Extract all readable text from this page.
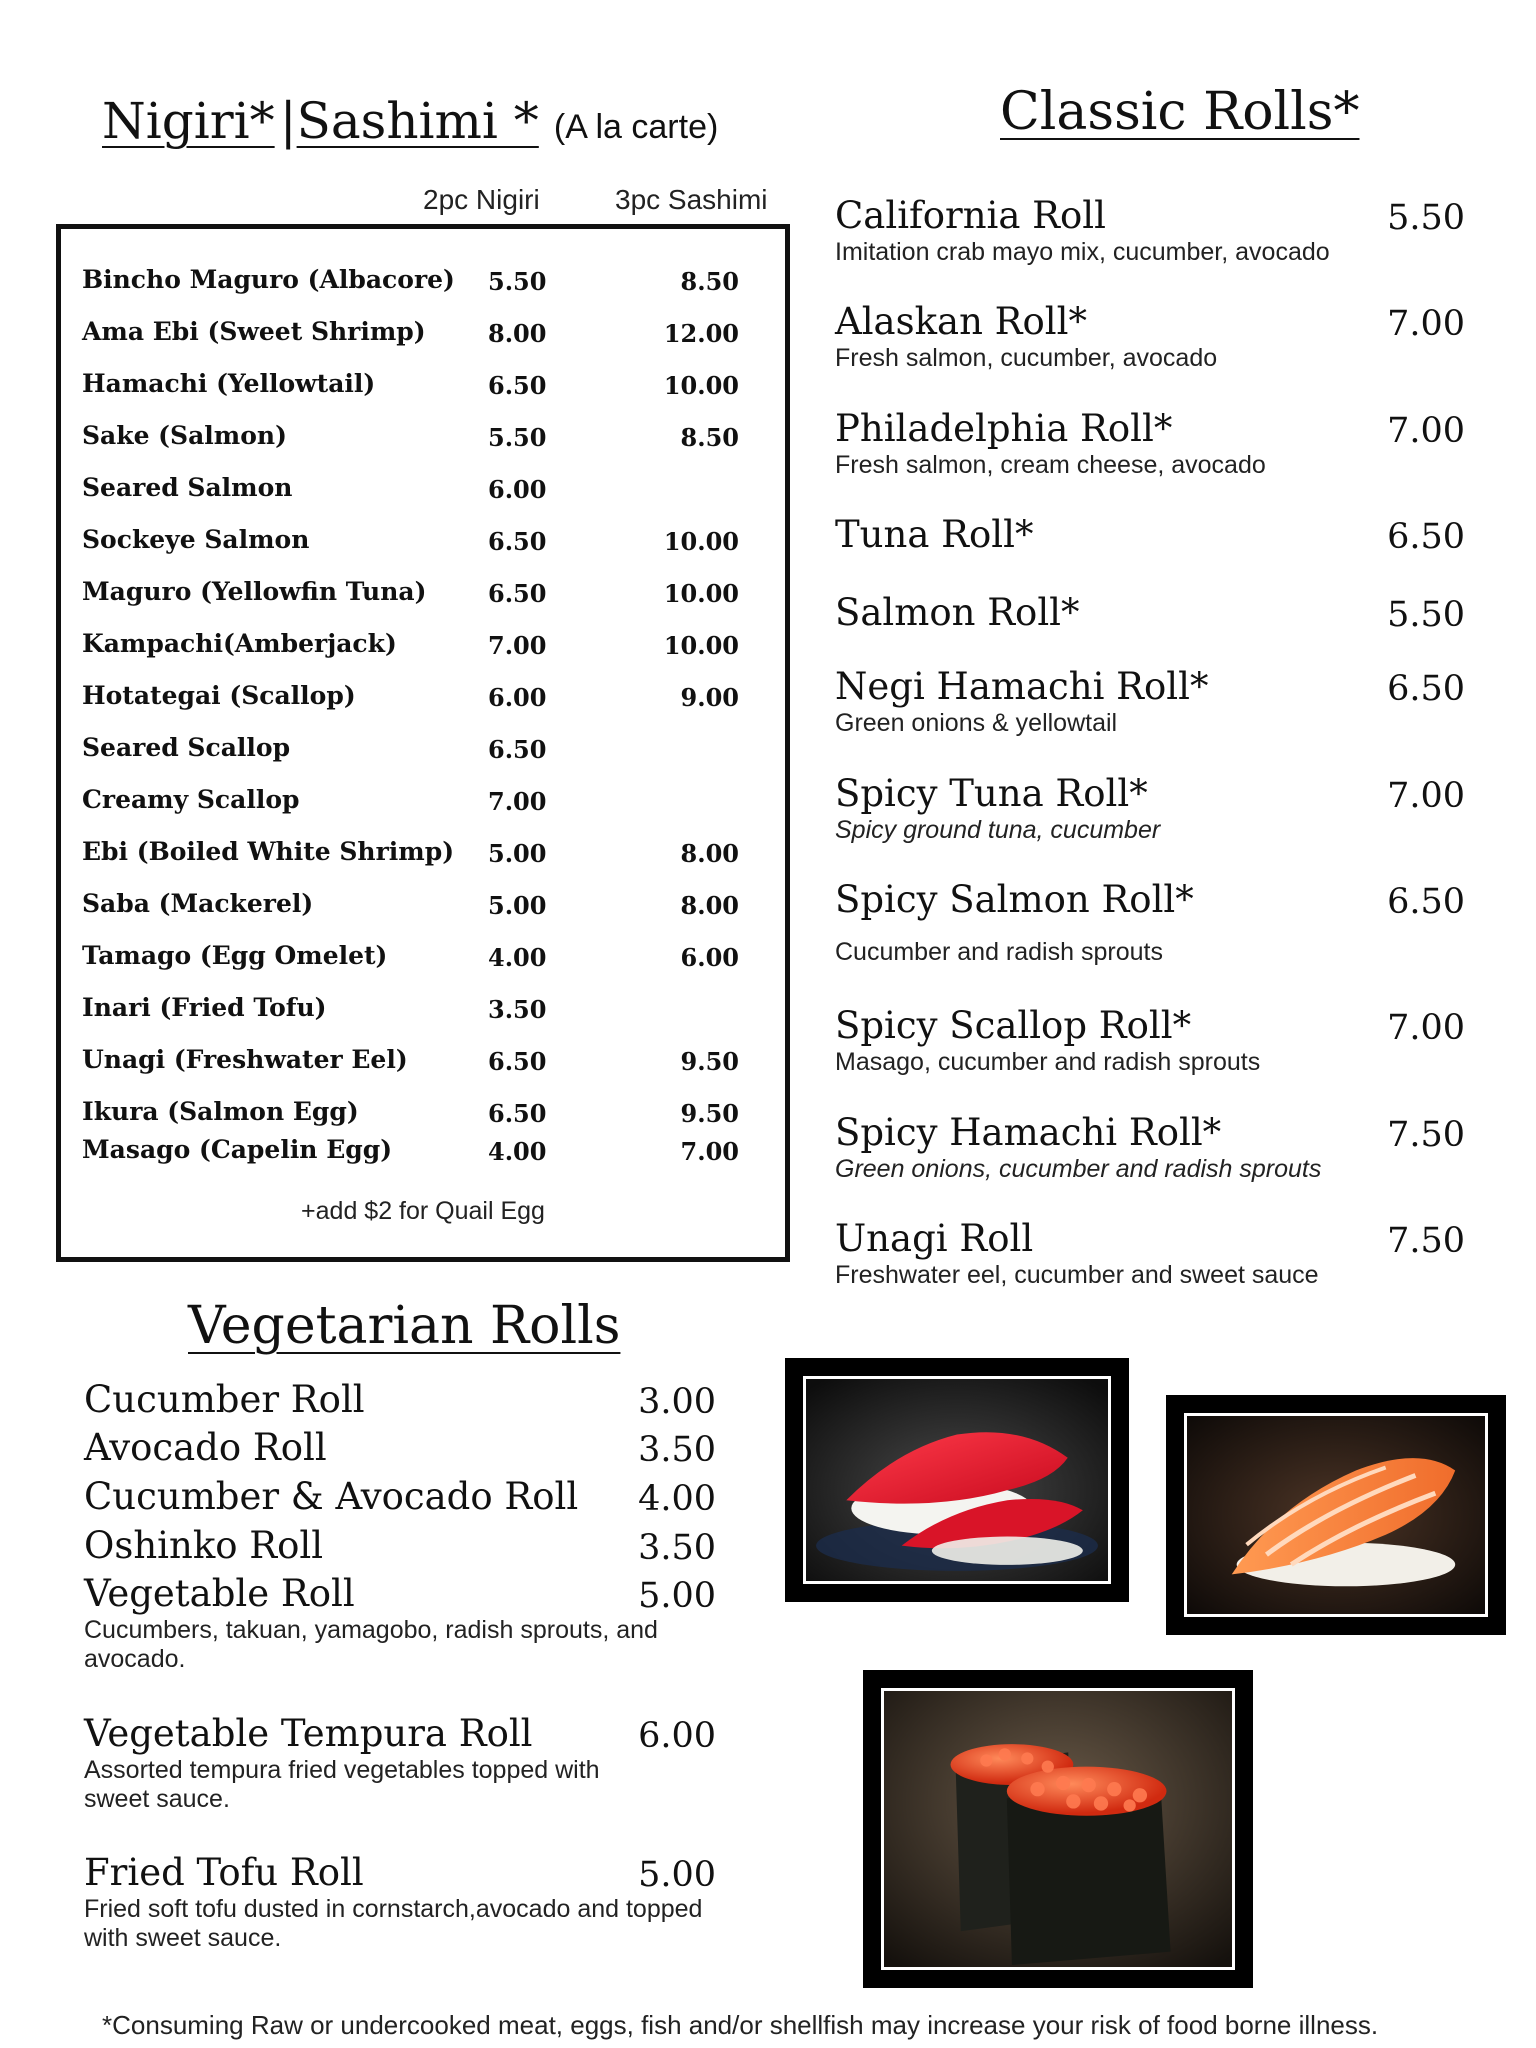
Nigiri* |Sashimi * (A la carte)
2pc Nigiri	3pc Sashimi
Bincho Maguro (Albacore) 5.50	8.50
Ama Ebi (Sweet Shrimp)	8.00	12.00
Hamachi (Yellowtail)	6.50	10.00
Sake (Salmon)	5.50	8.50
Seared Salmon	6.00
Sockeye Salmon	6.50	10.00
Maguro (Yellowfin Tuna)	6.50	10.00
Kampachi(Amberjack)	7.00	10.00
Hotategai (Scallop)	6.00	9.00
Seared Scallop	6.50
Creamy Scallop	7.00
Ebi (Boiled White Shrimp) 5.00	8.00
Saba (Mackerel)	5.00	8.00
Tamago (Egg Omelet)	4.00	6.00
Inari (Fried Tofu)	3.50
Unagi (Freshwater Eel)	6.50	9.50
Ikura (Salmon Egg)	6.50	9.50
Masago (Capelin Egg)	4.00	7.00
+add $2 for Quail Egg
Classic Rolls*
California Roll	5.50
Imitation crab mayo mix, cucumber, avocado
Alaskan Roll*	7.00
Fresh salmon, cucumber, avocado
Philadelphia Roll*	7.00
Fresh salmon, cream cheese, avocado
Tuna Roll*	6.50
Salmon Roll*	5.50
Negi Hamachi Roll*	6.50
Green onions & yellowtail
Spicy Tuna Roll*	7.00
Spicy ground tuna, cucumber
Spicy Salmon Roll*	6.50
Cucumber and radish sprouts
Spicy Scallop Roll*	7.00
Masago, cucumber and radish sprouts
Spicy Hamachi Roll*	7.50
Green onions, cucumber and radish sprouts
Unagi Roll	7.50
Freshwater eel, cucumber and sweet sauce
Vegetarian Rolls
Cucumber Roll	3.00
Avocado Roll	3.50
Cucumber & Avocado Roll	4.00
Oshinko Roll	3.50
Vegetable Roll	5.00
Cucumbers, takuan, yamagobo, radish sprouts, and avocado.
Vegetable Tempura Roll	6.00
Assorted tempura fried vegetables topped with sweet sauce.
Fried Tofu Roll	5.00
Fried soft tofu dusted in cornstarch,avocado and topped with sweet sauce.
*Consuming Raw or undercooked meat, eggs, fish and/or shellfish may increase your risk of food borne illness.
